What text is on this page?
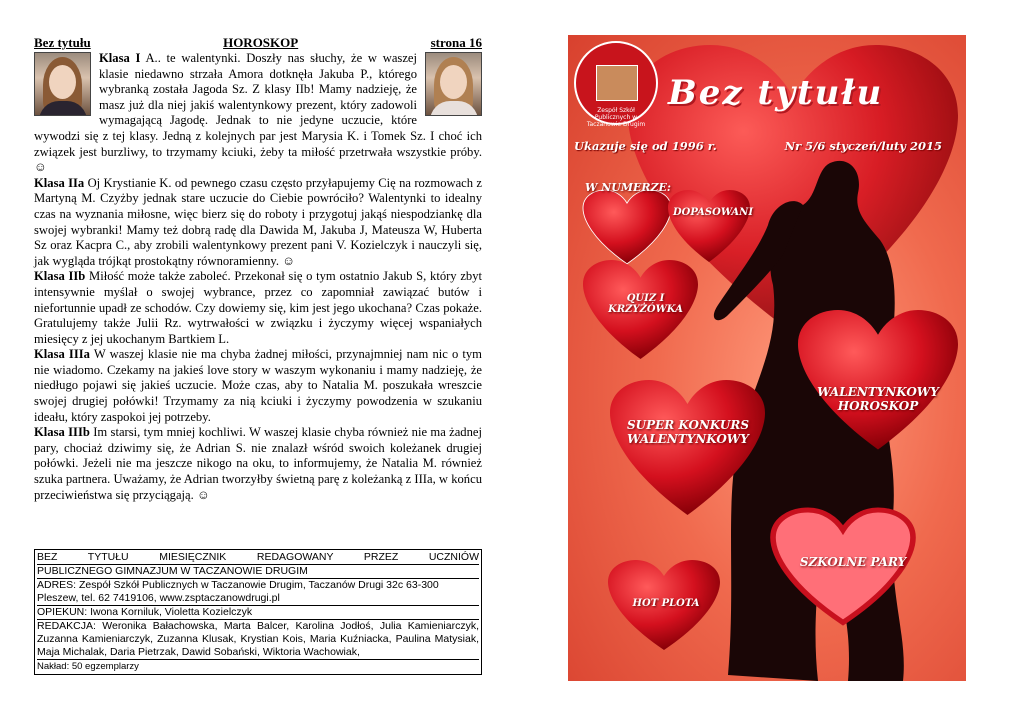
Bez tytułu	HOROSKOP	strona 16

Klasa I A.. te walentynki. Doszły nas słuchy, że w waszej klasie niedawno strzała Amora dotknęła Jakuba P., którego wybranką została Jagoda Sz. Z klasy IIb! Mamy nadzieję, że masz już dla niej jakiś walentynkowy prezent, który zadowoli wymagającą Jagodę. Jednak to nie jedyne uczucie, które wywodzi się z tej klasy. Jedną z kolejnych par jest Marysia K. i Tomek Sz. I choć ich związek jest burzliwy, to trzymamy kciuki, żeby ta miłość przetrwała wszystkie próby.☺

Klasa IIa Oj Krystianie K. od pewnego czasu często przyłapujemy Cię na rozmowach z Martyną M. Czyżby jednak stare uczucie do Ciebie powróciło? Walentynki to idealny czas na wyznania miłosne, więc bierz się do roboty i przygotuj jakąś niespodziankę dla swojej wybranki! Mamy też dobrą radę dla Dawida M, Jakuba J, Mateusza W, Huberta Sz oraz Kacpra C., aby zrobili walentynkowy prezent pani V. Kozielczyk i nauczyli się, jak wygląda trójkąt prostokątny równoramienny. ☺

Klasa IIb Miłość może także zaboleć. Przekonał się o tym ostatnio Jakub S, który zbyt intensywnie myślał o swojej wybrance, przez co zapomniał zawiązać butów i niefortunnie upadł ze schodów. Czy dowiemy się, kim jest jego ukochana? Czas pokaże. Gratulujemy także Julii Rz. wytrwałości w związku i życzymy więcej wspaniałych miesięcy z jej ukochanym Bartkiem L.

Klasa IIIa W waszej klasie nie ma chyba żadnej miłości, przynajmniej nam nic o tym nie wiadomo. Czekamy na jakieś love story w waszym wykonaniu i mamy nadzieję, że niedługo pojawi się jakieś uczucie. Może czas, aby to Natalia M. poszukała wreszcie swojej drugiej połówki! Trzymamy za nią kciuki i życzymy powodzenia w szukaniu ideału, który zaspokoi jej potrzeby.

Klasa IIIb Im starsi, tym mniej kochliwi. W waszej klasie chyba również nie ma żadnej pary, chociaż dziwimy się, że Adrian S. nie znalazł wśród swoich koleżanek drugiej połówki. Jeżeli nie ma jeszcze nikogo na oku, to informujemy, że Natalia M. również szuka partnera. Uważamy, że Adrian tworzyłby świetną parę z koleżanką z IIIa, w końcu przeciwieństwa się przyciągają. ☺

BEZ TYTUŁU MIESIĘCZNIK REDAGOWANY PRZEZ UCZNIÓW
PUBLICZNEGO GIMNAZJUM W TACZANOWIE DRUGIM
ADRES: Zespół Szkół Publicznych w Taczanowie Drugim, Taczanów Drugi 32c 63-300 Pleszew, tel. 62 7419106, www.zsptaczanowdrugi.pl
OPIEKUN: Iwona Korniluk, Violetta Kozielczyk
REDAKCJA: Weronika Bałachowska, Marta Balcer, Karolina Jodłoś, Julia Kamieniarczyk, Zuzanna Kamieniarczyk, Zuzanna Klusak, Krystian Kois, Maria Kuźniacka, Paulina Matysiak, Maja Michalak, Daria Pietrzak, Dawid Sobański, Wiktoria Wachowiak,
Nakład: 50 egzemplarzy
Zespół Szkół Publicznych w Taczanowie Drugim
Bez tytułu
Ukazuje się od 1996 r.	Nr 5/6 styczeń/luty 2015
W NUMERZE:
DOPASOWANI
QUIZ I KRZYŻÓWKA
WALENTYNKOWY HOROSKOP
SUPER KONKURS WALENTYNKOWY
SZKOLNE PARY
HOT PLOTA
